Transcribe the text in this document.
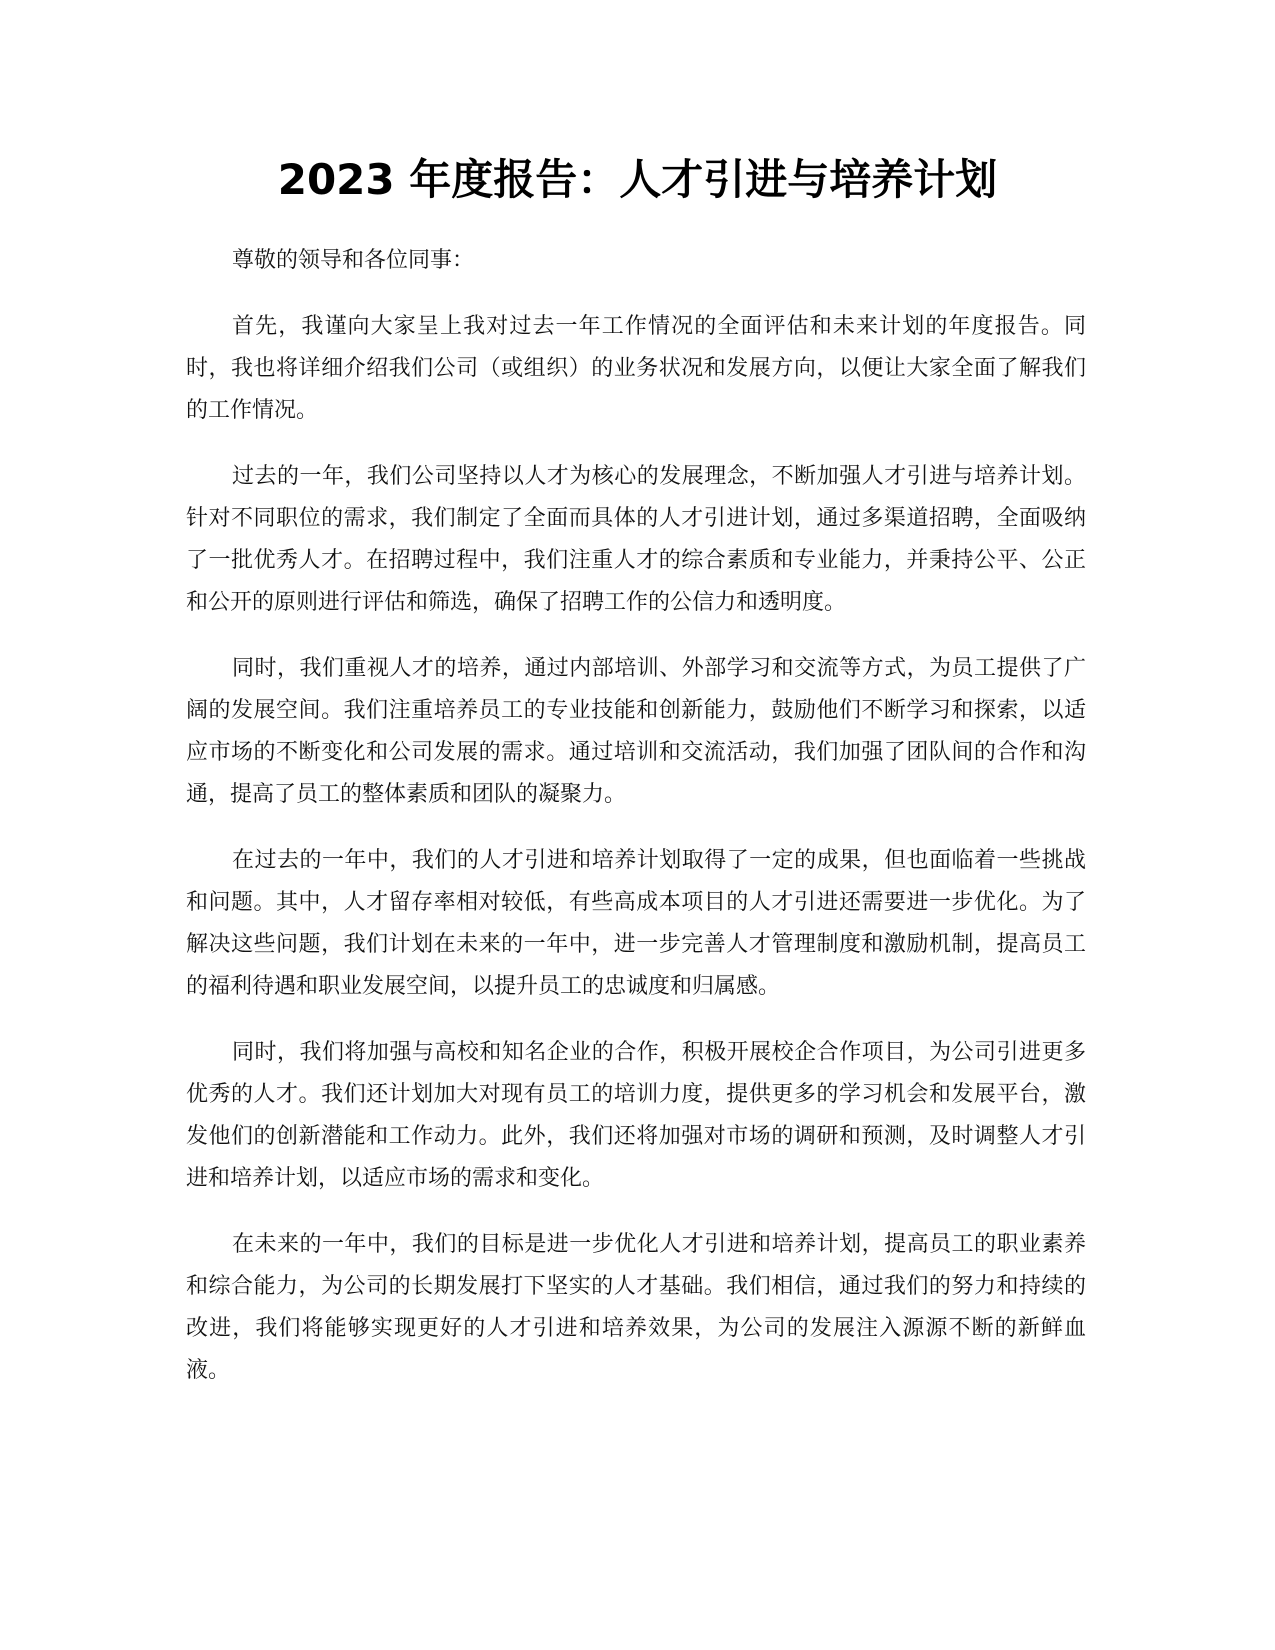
2023 年度报告：人才引进与培养计划

尊敬的领导和各位同事：

首先，我谨向大家呈上我对过去一年工作情况的全面评估和未来计划的年度报告。同时，我也将详细介绍我们公司（或组织）的业务状况和发展方向，以便让大家全面了解我们的工作情况。

过去的一年，我们公司坚持以人才为核心的发展理念，不断加强人才引进与培养计划。针对不同职位的需求，我们制定了全面而具体的人才引进计划，通过多渠道招聘，全面吸纳了一批优秀人才。在招聘过程中，我们注重人才的综合素质和专业能力，并秉持公平、公正和公开的原则进行评估和筛选，确保了招聘工作的公信力和透明度。

同时，我们重视人才的培养，通过内部培训、外部学习和交流等方式，为员工提供了广阔的发展空间。我们注重培养员工的专业技能和创新能力，鼓励他们不断学习和探索，以适应市场的不断变化和公司发展的需求。通过培训和交流活动，我们加强了团队间的合作和沟通，提高了员工的整体素质和团队的凝聚力。

在过去的一年中，我们的人才引进和培养计划取得了一定的成果，但也面临着一些挑战和问题。其中，人才留存率相对较低，有些高成本项目的人才引进还需要进一步优化。为了解决这些问题，我们计划在未来的一年中，进一步完善人才管理制度和激励机制，提高员工的福利待遇和职业发展空间，以提升员工的忠诚度和归属感。

同时，我们将加强与高校和知名企业的合作，积极开展校企合作项目，为公司引进更多优秀的人才。我们还计划加大对现有员工的培训力度，提供更多的学习机会和发展平台，激发他们的创新潜能和工作动力。此外，我们还将加强对市场的调研和预测，及时调整人才引进和培养计划，以适应市场的需求和变化。

在未来的一年中，我们的目标是进一步优化人才引进和培养计划，提高员工的职业素养和综合能力，为公司的长期发展打下坚实的人才基础。我们相信，通过我们的努力和持续的改进，我们将能够实现更好的人才引进和培养效果，为公司的发展注入源源不断的新鲜血液。
